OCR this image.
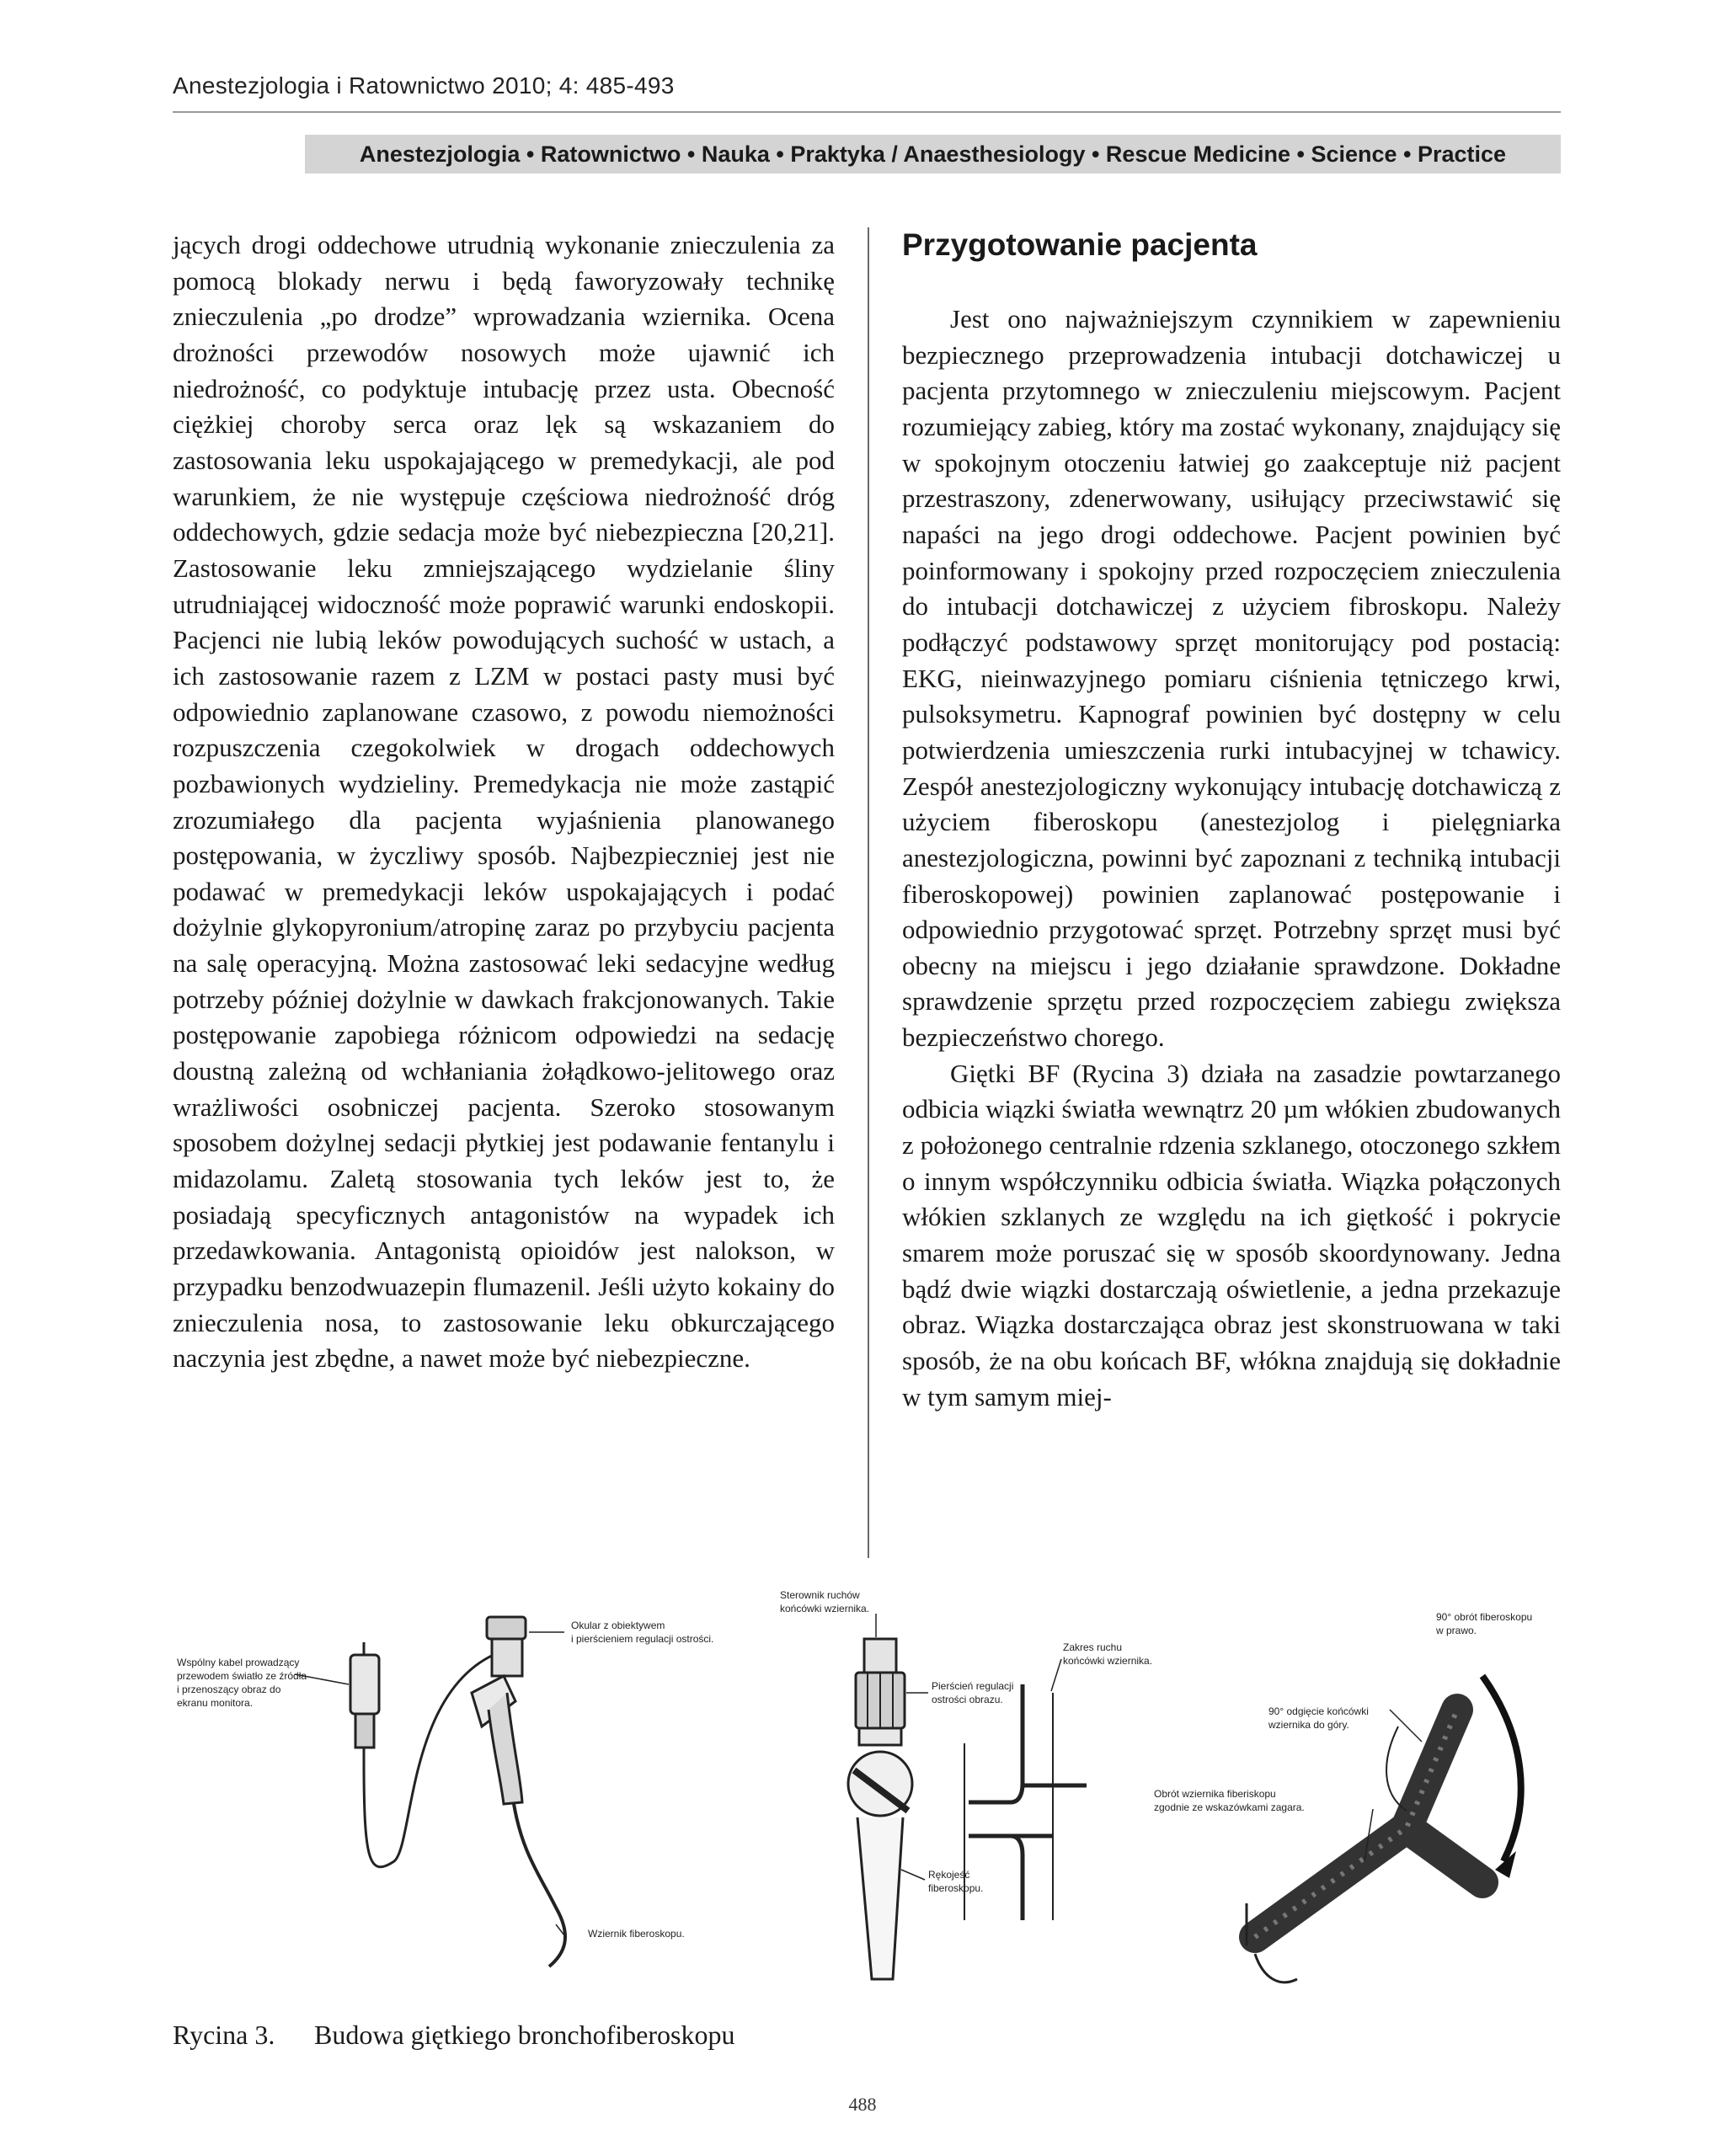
Anestezjologia i Ratownictwo 2010; 4: 485-493
Anestezjologia • Ratownictwo • Nauka • Praktyka / Anaesthesiology • Rescue Medicine • Science • Practice

jących drogi oddechowe utrudnią wykonanie znieczulenia za pomocą blokady nerwu i będą faworyzowały technikę znieczulenia „po drodze” wprowadzania wziernika. Ocena drożności przewodów nosowych może ujawnić ich niedrożność, co podyktuje intubację przez usta. Obecność ciężkiej choroby serca oraz lęk są wskazaniem do zastosowania leku uspokajającego w premedykacji, ale pod warunkiem, że nie występuje częściowa niedrożność dróg oddechowych, gdzie sedacja może być niebezpieczna [20,21]. Zastosowanie leku zmniejszającego wydzielanie śliny utrudniającej widoczność może poprawić warunki endoskopii. Pacjenci nie lubią leków powodujących suchość w ustach, a ich zastosowanie razem z LZM w postaci pasty musi być odpowiednio zaplanowane czasowo, z powodu niemożności rozpuszczenia czegokolwiek w drogach oddechowych pozbawionych wydzieliny. Premedykacja nie może zastąpić zrozumiałego dla pacjenta wyjaśnienia planowanego postępowania, w życzliwy sposób. Najbezpieczniej jest nie podawać w premedykacji leków uspokajających i podać dożylnie glykopyronium/atropinę zaraz po przybyciu pacjenta na salę operacyjną. Można zastosować leki sedacyjne według potrzeby później dożylnie w dawkach frakcjonowanych. Takie postępowanie zapobiega różnicom odpowiedzi na sedację doustną zależną od wchłaniania żołądkowo-jelitowego oraz wrażliwości osobniczej pacjenta. Szeroko stosowanym sposobem dożylnej sedacji płytkiej jest podawanie fentanylu i midazolamu. Zaletą stosowania tych leków jest to, że posiadają specyficznych antagonistów na wypadek ich przedawkowania. Antagonistą opioidów jest nalokson, w przypadku benzodwuazepin flumazenil. Jeśli użyto kokainy do znieczulenia nosa, to zastosowanie leku obkurczającego naczynia jest zbędne, a nawet może być niebezpieczne.

Przygotowanie pacjenta

Jest ono najważniejszym czynnikiem w zapewnieniu bezpiecznego przeprowadzenia intubacji dotchawiczej u pacjenta przytomnego w znieczuleniu miejscowym. Pacjent rozumiejący zabieg, który ma zostać wykonany, znajdujący się w spokojnym otoczeniu łatwiej go zaakceptuje niż pacjent przestraszony, zdenerwowany, usiłujący przeciwstawić się napaści na jego drogi oddechowe. Pacjent powinien być poinformowany i spokojny przed rozpoczęciem znieczulenia do intubacji dotchawiczej z użyciem fibroskopu. Należy podłączyć podstawowy sprzęt monitorujący pod postacią: EKG, nieinwazyjnego pomiaru ciśnienia tętniczego krwi, pulsoksymetru. Kapnograf powinien być dostępny w celu potwierdzenia umieszczenia rurki intubacyjnej w tchawicy. Zespół anestezjologiczny wykonujący intubację dotchawiczą z użyciem fiberoskopu (anestezjolog i pielęgniarka anestezjologiczna, powinni być zapoznani z techniką intubacji fiberoskopowej) powinien zaplanować postępowanie i odpowiednio przygotować sprzęt. Potrzebny sprzęt musi być obecny na miejscu i jego działanie sprawdzone. Dokładne sprawdzenie sprzętu przed rozpoczęciem zabiegu zwiększa bezpieczeństwo chorego.

Giętki BF (Rycina 3) działa na zasadzie powtarzanego odbicia wiązki światła wewnątrz 20 µm włókien zbudowanych z położonego centralnie rdzenia szklanego, otoczonego szkłem o innym współczynniku odbicia światła. Wiązka połączonych włókien szklanych ze względu na ich giętkość i pokrycie smarem może poruszać się w sposób skoordynowany. Jedna bądź dwie wiązki dostarczają oświetlenie, a jedna przekazuje obraz. Wiązka dostarczająca obraz jest skonstruowana w taki sposób, że na obu końcach BF, włókna znajdują się dokładnie w tym samym miej-

Wspólny kabel prowadzący
przewodem światło ze źródła
i przenoszący obraz do
ekranu monitora.
Okular z obiektywem
i pierścieniem regulacji ostrości.
Wziernik fiberoskopu.
Sterownik ruchów
końcówki wziernika.
Pierścień regulacji
ostrości obrazu.
Rękojeść
fiberoskopu.
Zakres ruchu
końcówki wziernika.
90° obrót fiberoskopu
w prawo.
90° odgięcie końcówki
wziernika do góry.
Obrót wziernika fiberiskopu
zgodnie ze wskazówkami zagara.
Rycina 3. Budowa giętkiego bronchofiberoskopu
488
